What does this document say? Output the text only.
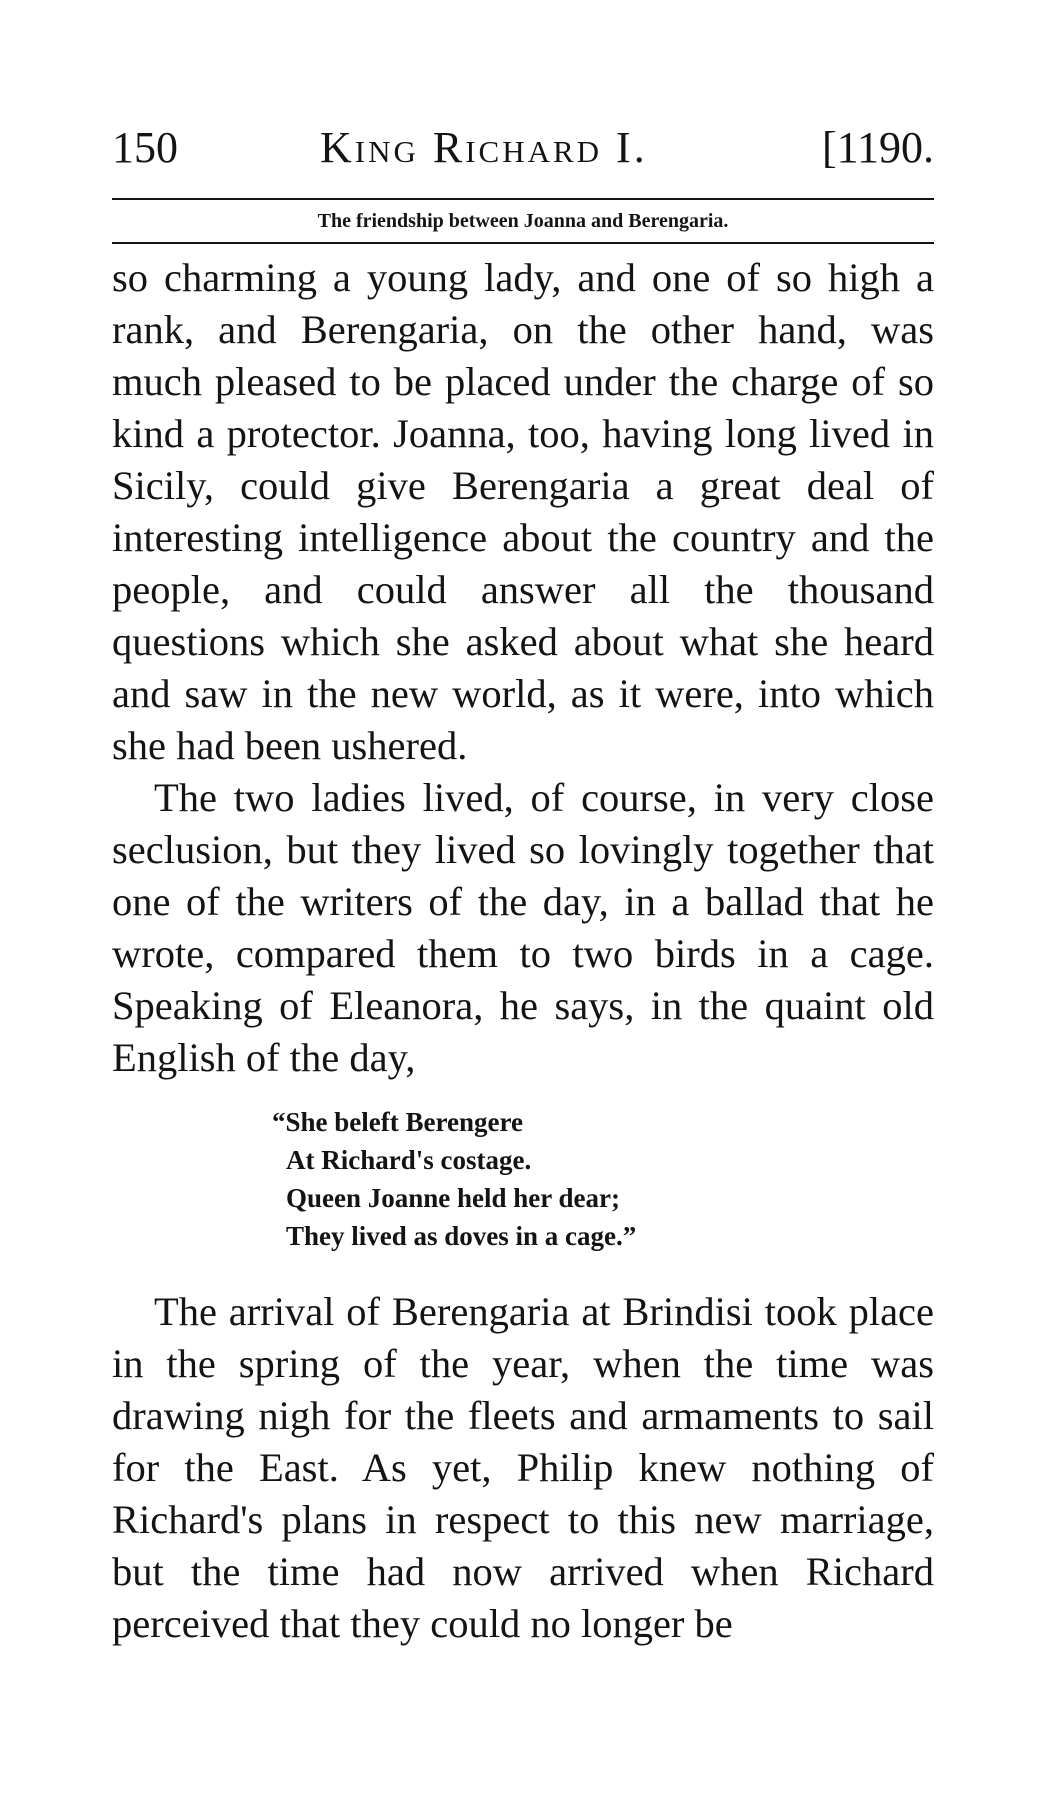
150	King Richard I.	[1190.
The friendship between Joanna and Berengaria.

so charming a young lady, and one of so high a rank, and Berengaria, on the other hand, was much pleased to be placed under the charge of so kind a protector. Joanna, too, having long lived in Sicily, could give Berengaria a great deal of interesting intelligence about the country and the people, and could answer all the thousand questions which she asked about what she heard and saw in the new world, as it were, into which she had been ushered.

The two ladies lived, of course, in very close seclusion, but they lived so lovingly together that one of the writers of the day, in a ballad that he wrote, compared them to two birds in a cage. Speaking of Eleanora, he says, in the quaint old English of the day,

“She beleft Berengere
At Richard's costage.
Queen Joanne held her dear;
They lived as doves in a cage.”

The arrival of Berengaria at Brindisi took place in the spring of the year, when the time was drawing nigh for the fleets and armaments to sail for the East. As yet, Philip knew nothing of Richard's plans in respect to this new marriage, but the time had now arrived when Richard perceived that they could no longer be
